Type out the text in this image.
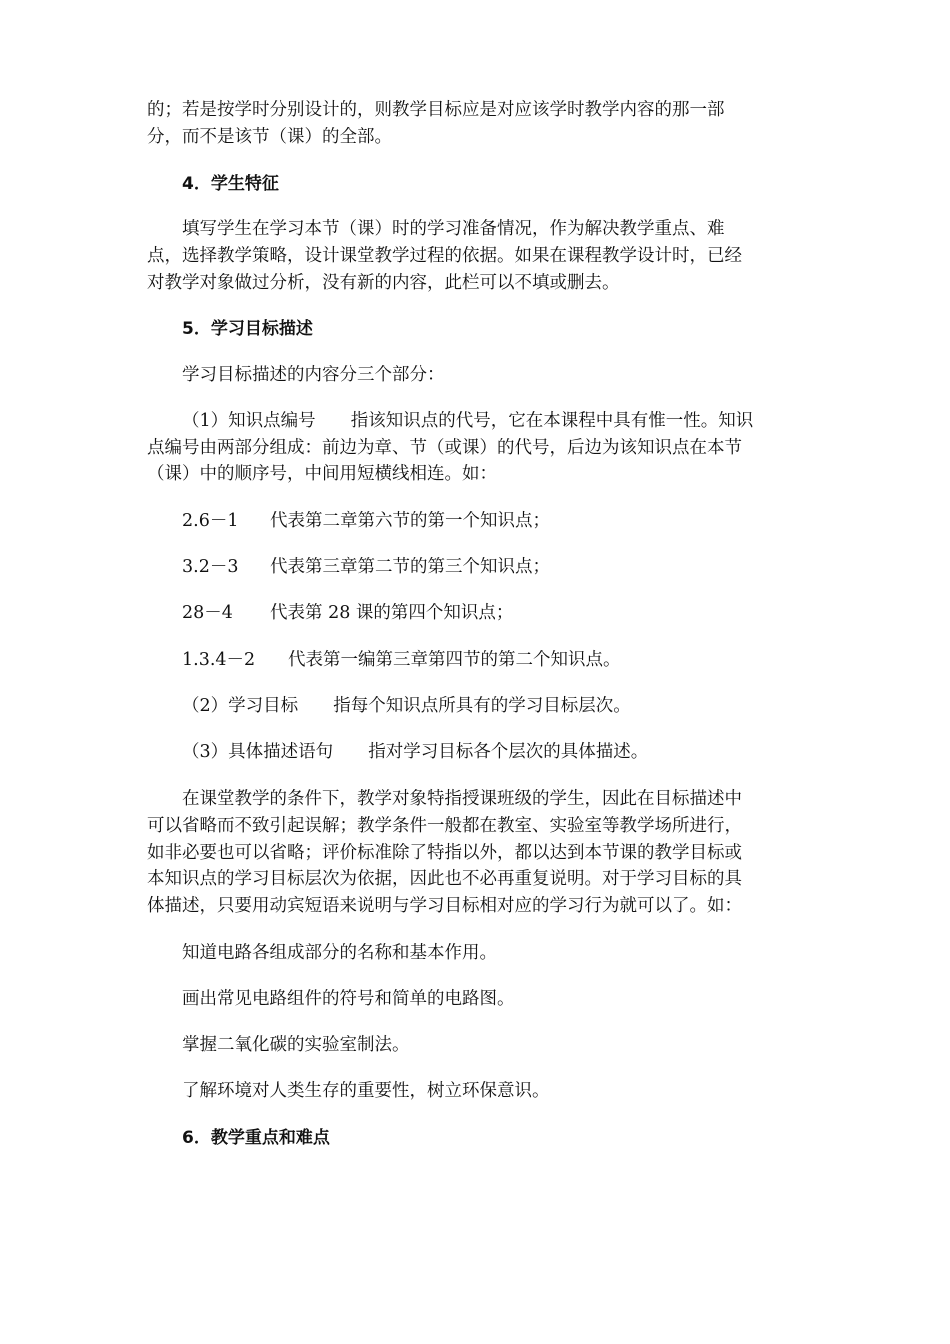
的；若是按学时分别设计的，则教学目标应是对应该学时教学内容的那一部
分，而不是该节（课）的全部。
4．学生特征
填写学生在学习本节（课）时的学习准备情况，作为解决教学重点、难
点，选择教学策略，设计课堂教学过程的依据。如果在课程教学设计时，已经
对教学对象做过分析，没有新的内容，此栏可以不填或删去。
5．学习目标描述
学习目标描述的内容分三个部分：
（1）知识点编号 指该知识点的代号，它在本课程中具有惟一性。知识
点编号由两部分组成：前边为章、节（或课）的代号，后边为该知识点在本节
（课）中的顺序号，中间用短横线相连。如：
2.6－1 代表第二章第六节的第一个知识点；
3.2－3 代表第三章第二节的第三个知识点；
28－4 代表第 28 课的第四个知识点；
1.3.4－2 代表第一编第三章第四节的第二个知识点。
（2）学习目标 指每个知识点所具有的学习目标层次。
（3）具体描述语句 指对学习目标各个层次的具体描述。
在课堂教学的条件下，教学对象特指授课班级的学生，因此在目标描述中
可以省略而不致引起误解；教学条件一般都在教室、实验室等教学场所进行，
如非必要也可以省略；评价标准除了特指以外，都以达到本节课的教学目标或
本知识点的学习目标层次为依据，因此也不必再重复说明。对于学习目标的具
体描述，只要用动宾短语来说明与学习目标相对应的学习行为就可以了。如：
知道电路各组成部分的名称和基本作用。
画出常见电路组件的符号和简单的电路图。
掌握二氧化碳的实验室制法。
了解环境对人类生存的重要性，树立环保意识。
6．教学重点和难点
